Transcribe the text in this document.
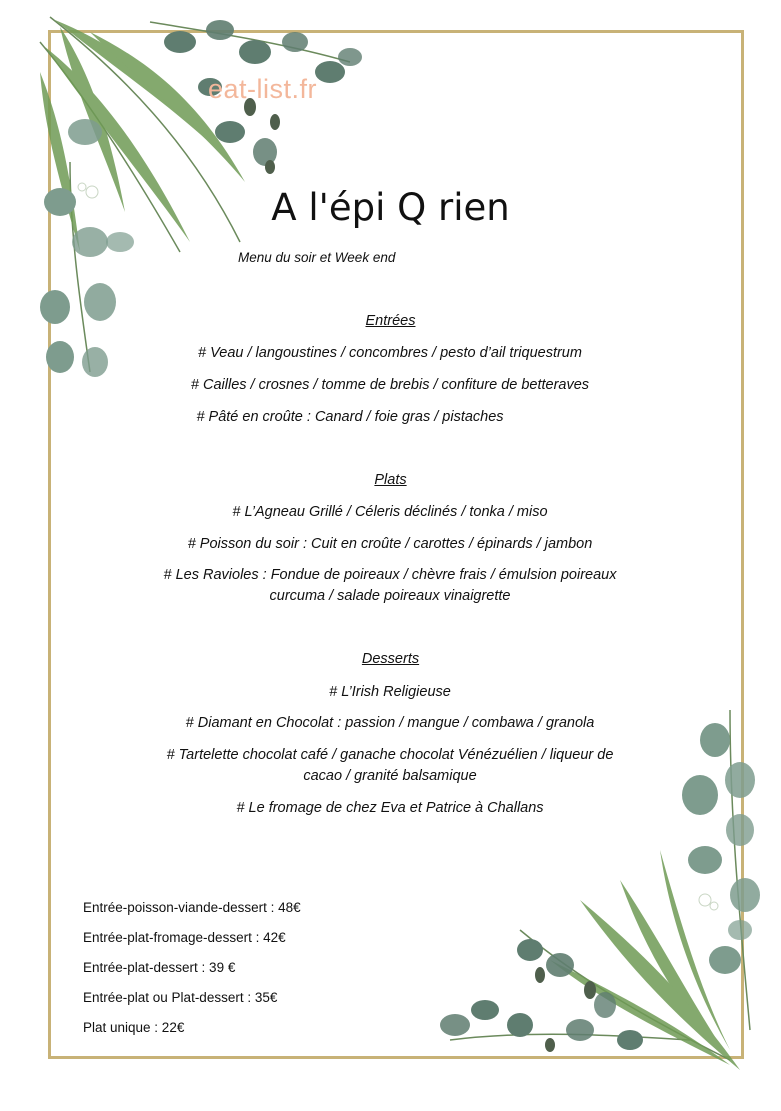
eat-list.fr
A l'épi Q rien
Menu du soir et Week end
Entrées
# Veau / langoustines / concombres / pesto d’ail triquestrum
# Cailles / crosnes / tomme de brebis / confiture de betteraves
# Pâté en croûte : Canard / foie gras / pistaches
Plats
# L’Agneau Grillé / Céleris déclinés / tonka / miso
# Poisson du soir : Cuit en croûte / carottes / épinards / jambon
# Les Ravioles : Fondue de poireaux / chèvre frais / émulsion poireaux curcuma / salade poireaux vinaigrette
Desserts
# L’Irish Religieuse
# Diamant en Chocolat : passion / mangue / combawa / granola
# Tartelette chocolat café / ganache chocolat Vénézuélien / liqueur de cacao / granité balsamique
# Le fromage de chez Eva et Patrice à Challans
Entrée-poisson-viande-dessert : 48€
Entrée-plat-fromage-dessert : 42€
Entrée-plat-dessert : 39 €
Entrée-plat ou Plat-dessert : 35€
Plat unique : 22€
